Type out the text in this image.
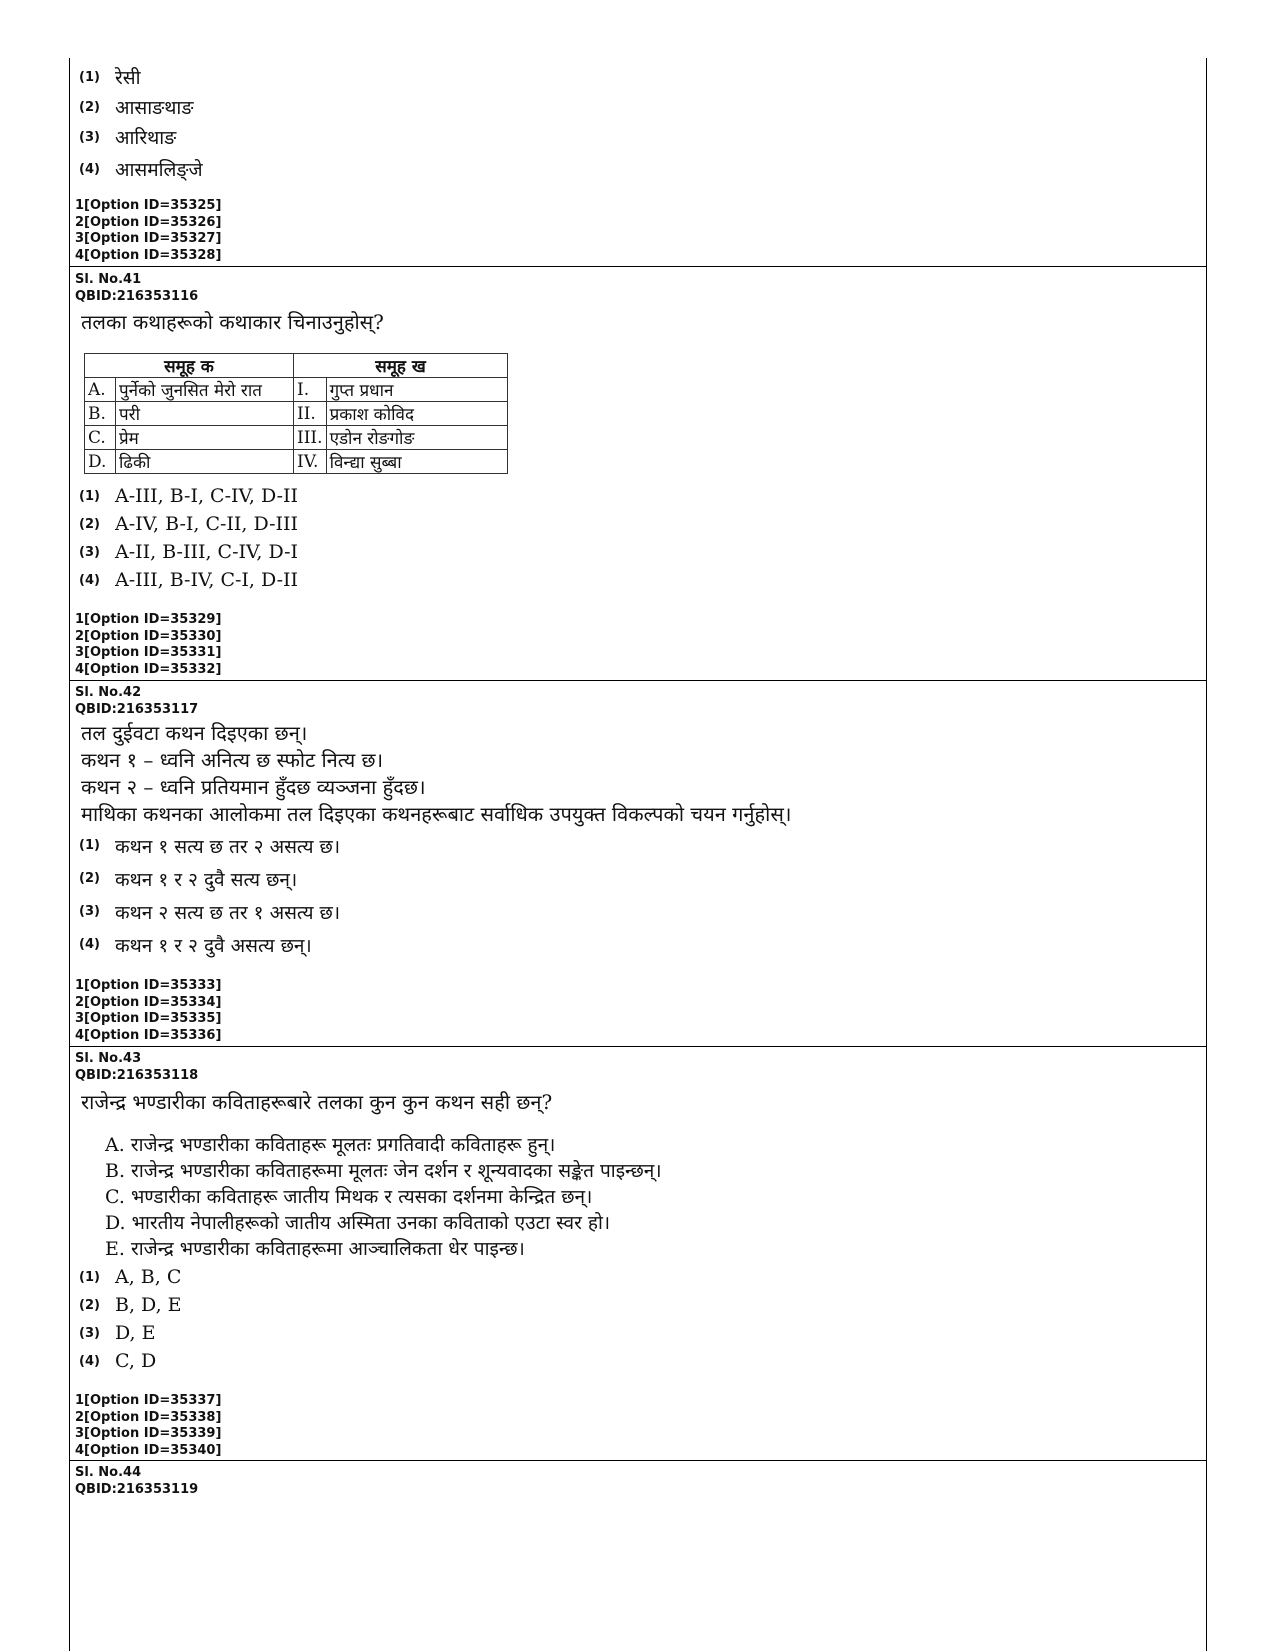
(1) रेसी
(2) आसाङथाङ
(3) आरिथाङ
(4) आसमलिङ्जे
1[Option ID=35325]
2[Option ID=35326]
3[Option ID=35327]
4[Option ID=35328]
Sl. No.41
QBID:216353116
तलका कथाहरूको कथाकार चिनाउनुहोस्?
समूह क		समूह ख	
A.	पुर्नेको जुनसित मेरो रात	I.	गुप्त प्रधान
B.	परी	II.	प्रकाश कोविद
C.	प्रेम	III.	एडोन रोङगोङ
D.	ढिकी	IV.	विन्द्या सुब्बा
(1) A-III, B-I, C-IV, D-II
(2) A-IV, B-I, C-II, D-III
(3) A-II, B-III, C-IV, D-I
(4) A-III, B-IV, C-I, D-II
1[Option ID=35329]
2[Option ID=35330]
3[Option ID=35331]
4[Option ID=35332]
Sl. No.42
QBID:216353117
तल दुईवटा कथन दिइएका छन्।
कथन १ – ध्वनि अनित्य छ स्फोट नित्य छ।
कथन २ – ध्वनि प्रतियमान हुँदछ व्यञ्जना हुँदछ।
माथिका कथनका आलोकमा तल दिइएका कथनहरूबाट सर्वाधिक उपयुक्त विकल्पको चयन गर्नुहोस्।
(1) कथन १ सत्य छ तर २ असत्य छ।
(2) कथन १ र २ दुवै सत्य छन्।
(3) कथन २ सत्य छ तर १ असत्य छ।
(4) कथन १ र २ दुवै असत्य छन्।
1[Option ID=35333]
2[Option ID=35334]
3[Option ID=35335]
4[Option ID=35336]
Sl. No.43
QBID:216353118
राजेन्द्र भण्डारीका कविताहरूबारे तलका कुन कुन कथन सही छन्?
A. राजेन्द्र भण्डारीका कविताहरू मूलतः प्रगतिवादी कविताहरू हुन्।
B. राजेन्द्र भण्डारीका कविताहरूमा मूलतः जेन दर्शन र शून्यवादका सङ्केत पाइन्छन्।
C. भण्डारीका कविताहरू जातीय मिथक र त्यसका दर्शनमा केन्द्रित छन्।
D. भारतीय नेपालीहरूको जातीय अस्मिता उनका कविताको एउटा स्वर हो।
E. राजेन्द्र भण्डारीका कविताहरूमा आञ्चालिकता धेर पाइन्छ।
(1) A, B, C
(2) B, D, E
(3) D, E
(4) C, D
1[Option ID=35337]
2[Option ID=35338]
3[Option ID=35339]
4[Option ID=35340]
Sl. No.44
QBID:216353119
